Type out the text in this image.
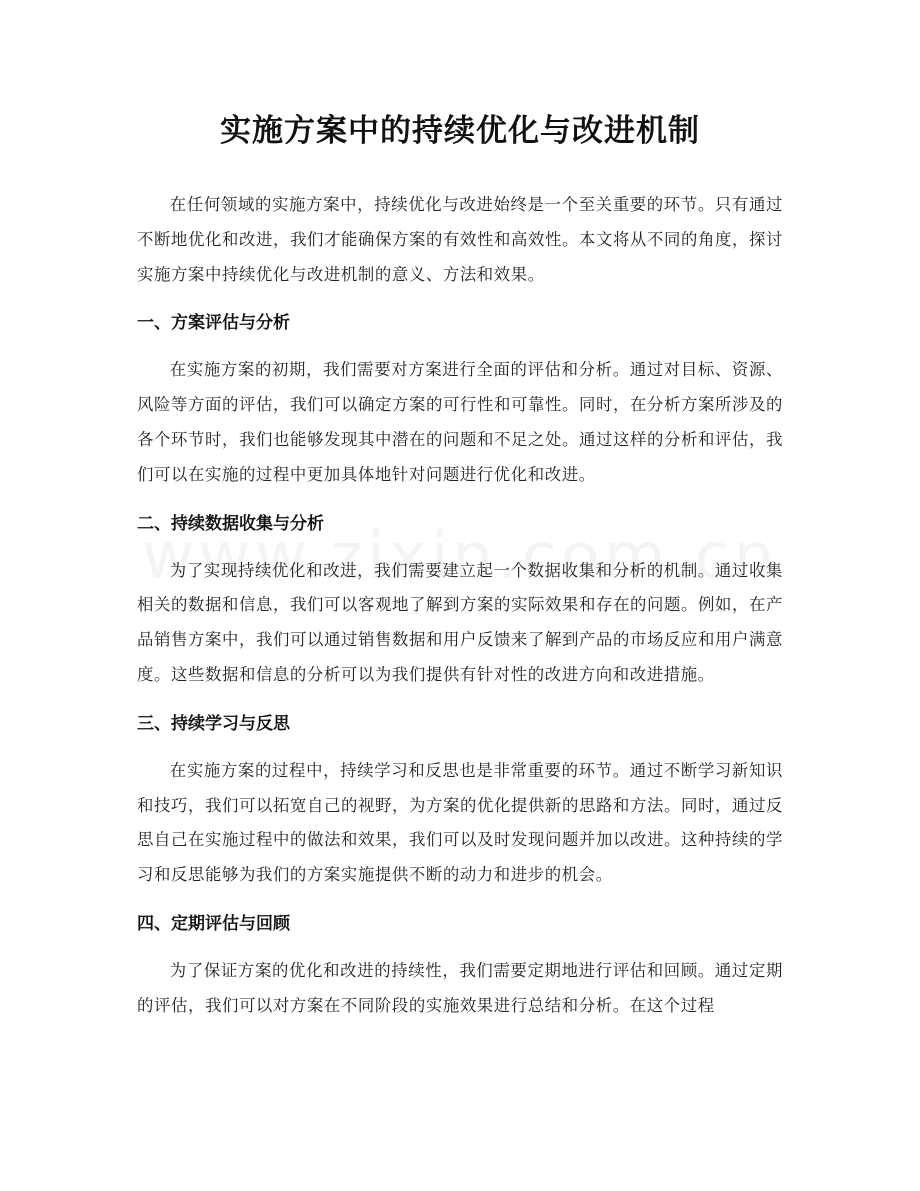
实施方案中的持续优化与改进机制

在任何领域的实施方案中，持续优化与改进始终是一个至关重要的环节。只有通过不断地优化和改进，我们才能确保方案的有效性和高效性。本文将从不同的角度，探讨实施方案中持续优化与改进机制的意义、方法和效果。

一、方案评估与分析

在实施方案的初期，我们需要对方案进行全面的评估和分析。通过对目标、资源、风险等方面的评估，我们可以确定方案的可行性和可靠性。同时，在分析方案所涉及的各个环节时，我们也能够发现其中潜在的问题和不足之处。通过这样的分析和评估，我们可以在实施的过程中更加具体地针对问题进行优化和改进。

二、持续数据收集与分析

为了实现持续优化和改进，我们需要建立起一个数据收集和分析的机制。通过收集相关的数据和信息，我们可以客观地了解到方案的实际效果和存在的问题。例如，在产品销售方案中，我们可以通过销售数据和用户反馈来了解到产品的市场反应和用户满意度。这些数据和信息的分析可以为我们提供有针对性的改进方向和改进措施。

三、持续学习与反思

在实施方案的过程中，持续学习和反思也是非常重要的环节。通过不断学习新知识和技巧，我们可以拓宽自己的视野，为方案的优化提供新的思路和方法。同时，通过反思自己在实施过程中的做法和效果，我们可以及时发现问题并加以改进。这种持续的学习和反思能够为我们的方案实施提供不断的动力和进步的机会。

四、定期评估与回顾

为了保证方案的优化和改进的持续性，我们需要定期地进行评估和回顾。通过定期的评估，我们可以对方案在不同阶段的实施效果进行总结和分析。在这个过程
